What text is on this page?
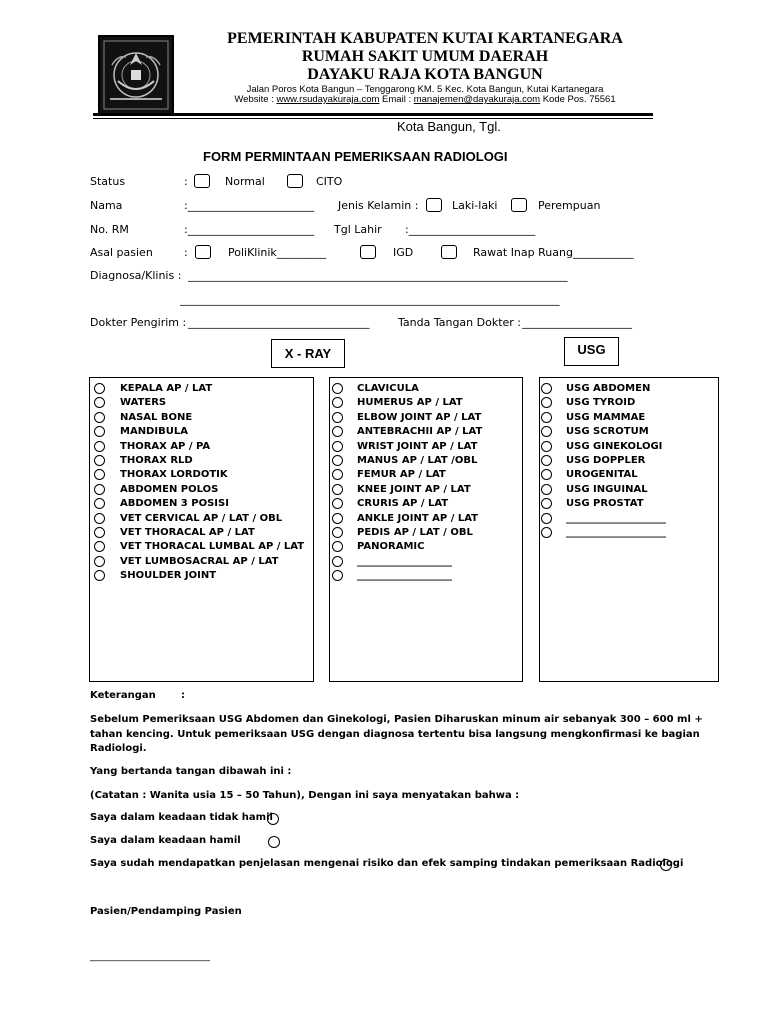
PEMERINTAH KABUPATEN KUTAI KARTANEGARA
RUMAH SAKIT UMUM DAERAH
DAYAKU RAJA KOTA BANGUN
Jalan Poros Kota Bangun – Tenggarong KM. 5 Kec. Kota Bangun, Kutai Kartanegara
Website : www.rsudayakuraja.com Email : manajemen@dayakuraja.com Kode Pos. 75561
Kota Bangun, Tgl.
FORM PERMINTAAN PEMERIKSAAN RADIOLOGI
Status	:	Normal	CITO
Nama	:_______________________ Jenis Kelamin :	Laki-laki	Perempuan
No. RM	:_______________________ Tgl Lahir :_______________________
Asal pasien	:	PoliKlinik_________	IGD	Rawat Inap Ruang___________
Diagnosa/Klinis : _____________________________________________________________________
_____________________________________________________________________
Dokter Pengirim : _________________________________	Tanda Tangan Dokter : ____________________
X - RAY	USG
KEPALA AP / LAT
WATERS
NASAL BONE
MANDIBULA
THORAX AP / PA
THORAX RLD
THORAX LORDOTIK
ABDOMEN POLOS
ABDOMEN 3 POSISI
VET CERVICAL AP / LAT / OBL
VET THORACAL AP / LAT
VET THORACAL LUMBAL AP / LAT
VET LUMBOSACRAL AP / LAT
SHOULDER JOINT
CLAVICULA
HUMERUS AP / LAT
ELBOW JOINT AP / LAT
ANTEBRACHII AP / LAT
WRIST JOINT AP / LAT
MANUS AP / LAT /OBL
FEMUR AP / LAT
KNEE JOINT AP / LAT
CRURIS AP / LAT
ANKLE JOINT AP / LAT
PEDIS AP / LAT / OBL
PANORAMIC
___________________
___________________
USG ABDOMEN
USG TYROID
USG MAMMAE
USG SCROTUM
USG GINEKOLOGI
USG DOPPLER
UROGENITAL
USG INGUINAL
USG PROSTAT
____________________
____________________
Keterangan	:
Sebelum Pemeriksaan USG Abdomen dan Ginekologi, Pasien Diharuskan minum air sebanyak 300 – 600 ml +
tahan kencing. Untuk pemeriksaan USG dengan diagnosa tertentu bisa langsung mengkonfirmasi ke bagian
Radiologi.
Yang bertanda tangan dibawah ini :
(Catatan : Wanita usia 15 – 50 Tahun), Dengan ini saya menyatakan bahwa :
Saya dalam keadaan tidak hamil
Saya dalam keadaan hamil
Saya sudah mendapatkan penjelasan mengenai risiko dan efek samping tindakan pemeriksaan Radiologi
Pasien/Pendamping Pasien
________________________
